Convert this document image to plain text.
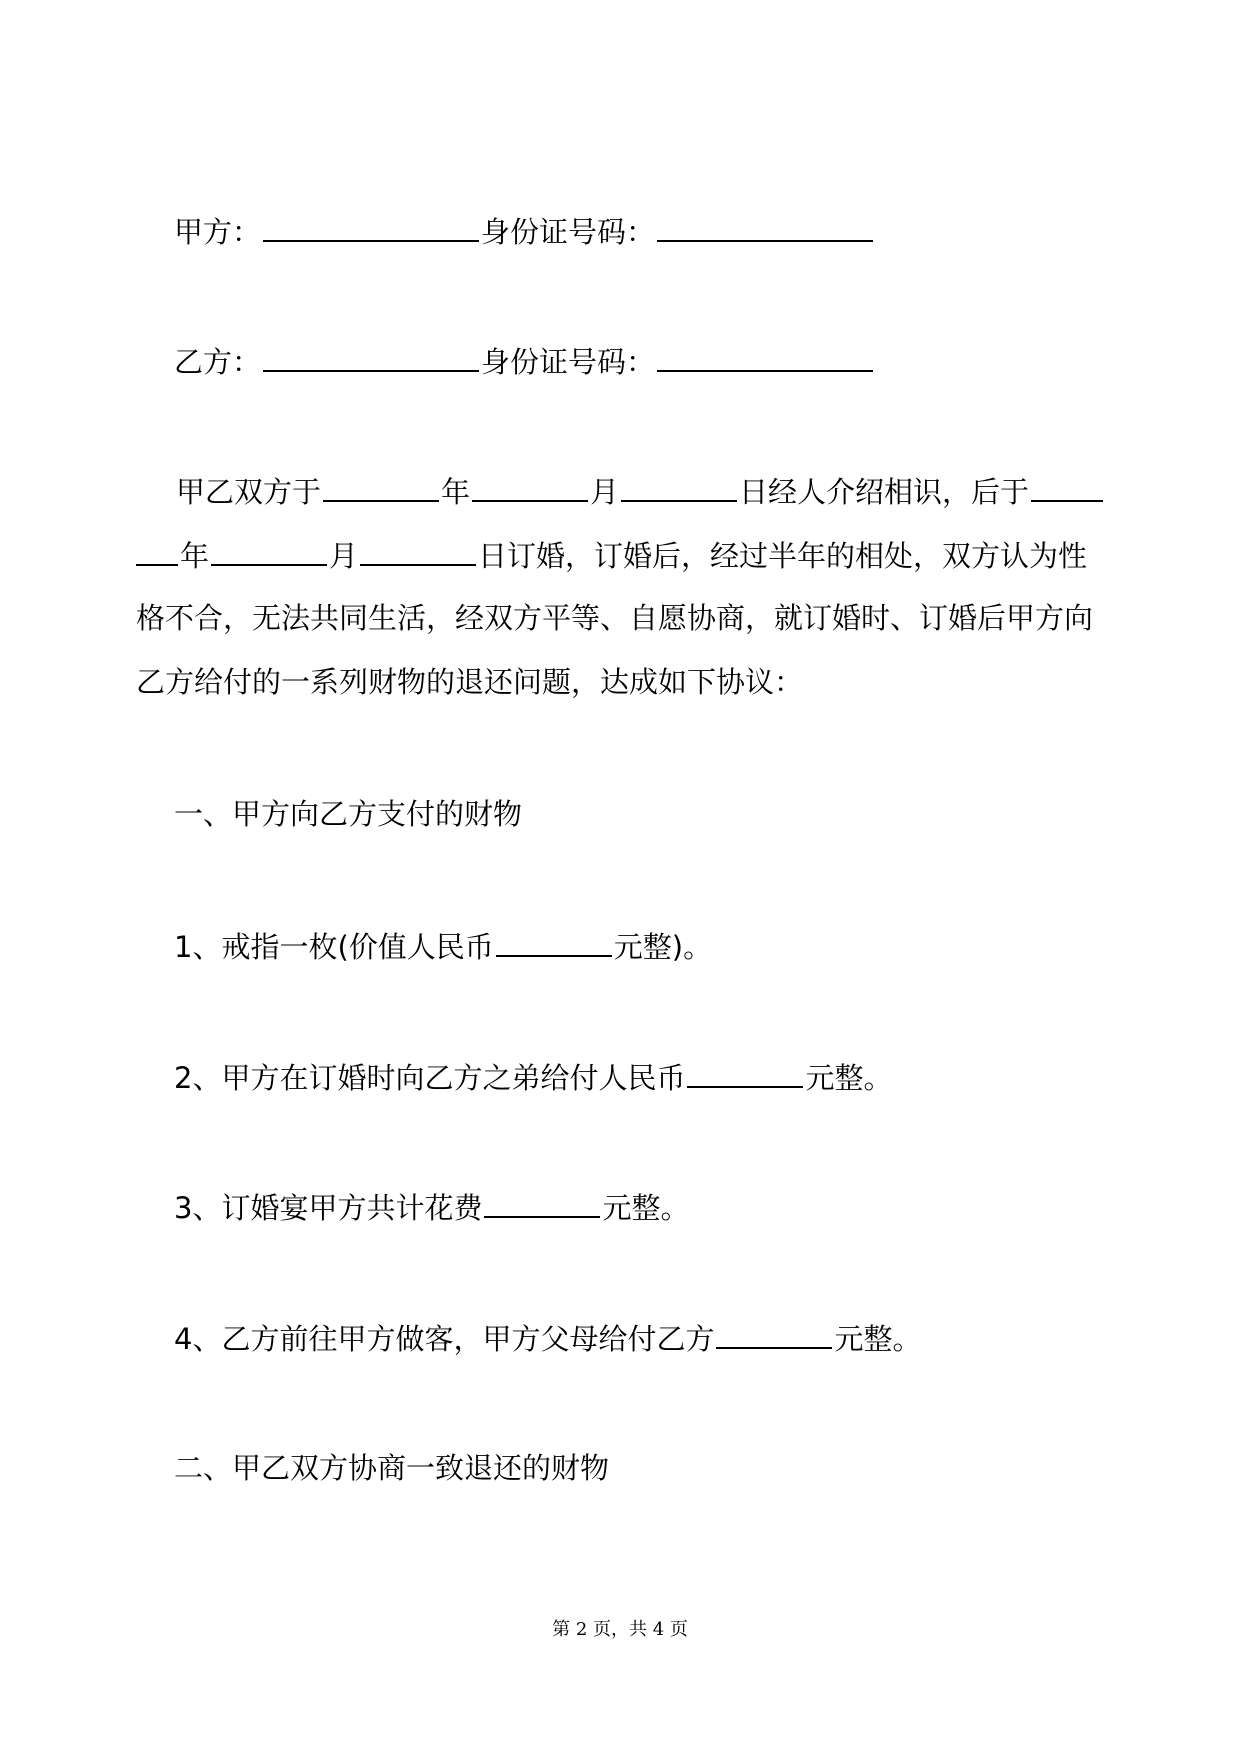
甲方：	身份证号码：
乙方：	身份证号码：
甲乙双方于	年	月	日经人介绍相识，后于
年	月	日订婚，订婚后，经过半年的相处，双方认为性
格不合，无法共同生活，经双方平等、自愿协商，就订婚时、订婚后甲方向
乙方给付的一系列财物的退还问题，达成如下协议：
一、甲方向乙方支付的财物
1、戒指一枚(价值人民币	元整)。
2、甲方在订婚时向乙方之弟给付人民币	元整。
3、订婚宴甲方共计花费	元整。
4、乙方前往甲方做客，甲方父母给付乙方	元整。
二、甲乙双方协商一致退还的财物
第 2 页，共 4 页
